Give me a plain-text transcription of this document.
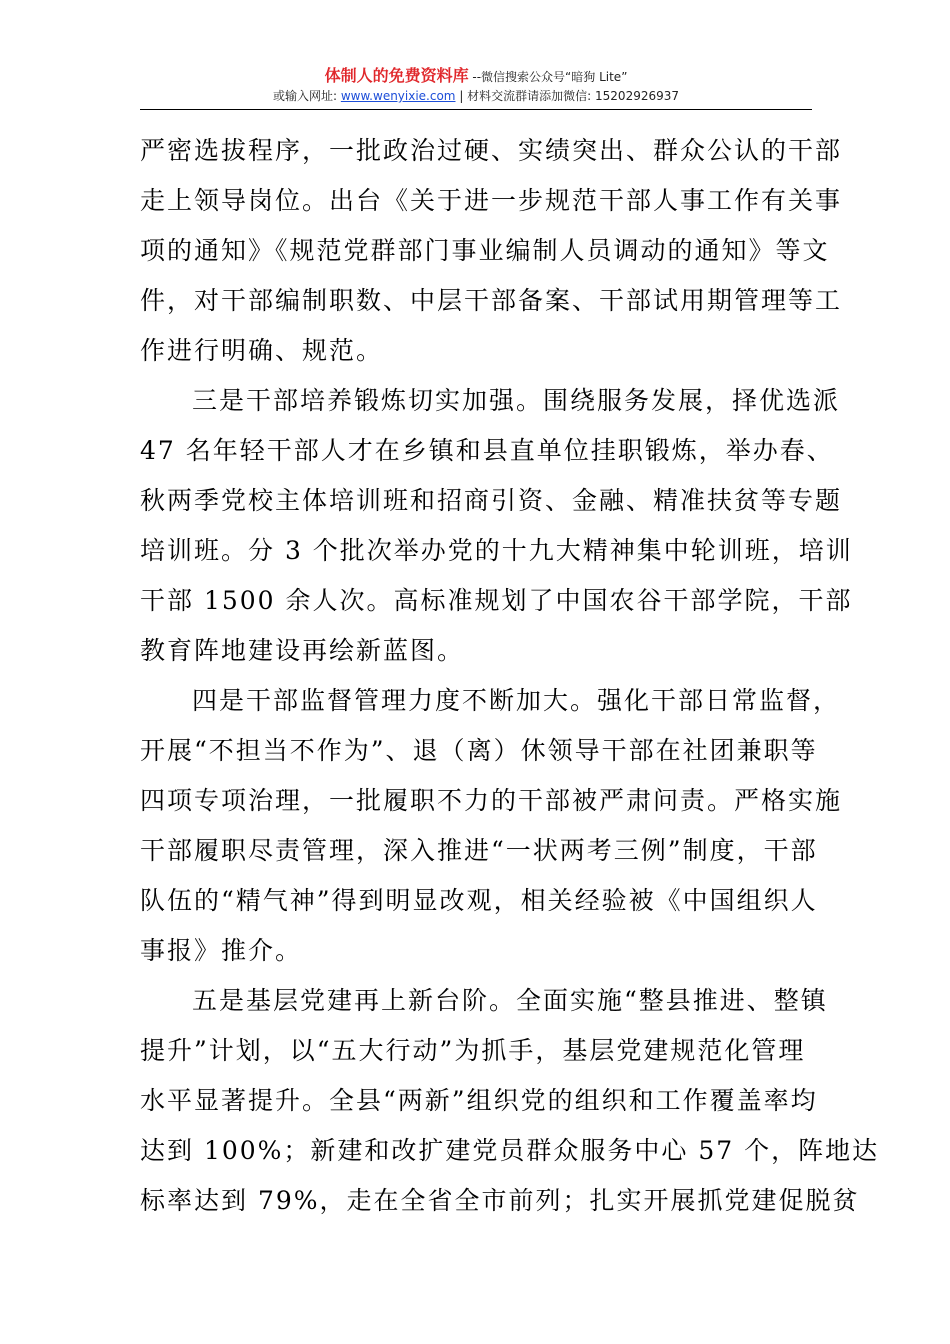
体制人的免费资料库 --微信搜索公众号“暗狗 Lite”
或输入网址: www.wenyixie.com | 材料交流群请添加微信: 15202926937
严密选拔程序，一批政治过硬、实绩突出、群众公认的干部
走上领导岗位。出台《关于进一步规范干部人事工作有关事
项的通知》《规范党群部门事业编制人员调动的通知》等文
件，对干部编制职数、中层干部备案、干部试用期管理等工
作进行明确、规范。
三是干部培养锻炼切实加强。围绕服务发展，择优选派
47 名年轻干部人才在乡镇和县直单位挂职锻炼，举办春、
秋两季党校主体培训班和招商引资、金融、精准扶贫等专题
培训班。分 3 个批次举办党的十九大精神集中轮训班，培训
干部 1500 余人次。高标准规划了中国农谷干部学院，干部
教育阵地建设再绘新蓝图。
四是干部监督管理力度不断加大。强化干部日常监督，
开展“不担当不作为”、退（离）休领导干部在社团兼职等
四项专项治理，一批履职不力的干部被严肃问责。严格实施
干部履职尽责管理，深入推进“一状两考三例”制度，干部
队伍的“精气神”得到明显改观，相关经验被《中国组织人
事报》推介。
五是基层党建再上新台阶。全面实施“整县推进、整镇
提升”计划，以“五大行动”为抓手，基层党建规范化管理
水平显著提升。全县“两新”组织党的组织和工作覆盖率均
达到 100%；新建和改扩建党员群众服务中心 57 个，阵地达
标率达到 79%，走在全省全市前列；扎实开展抓党建促脱贫
